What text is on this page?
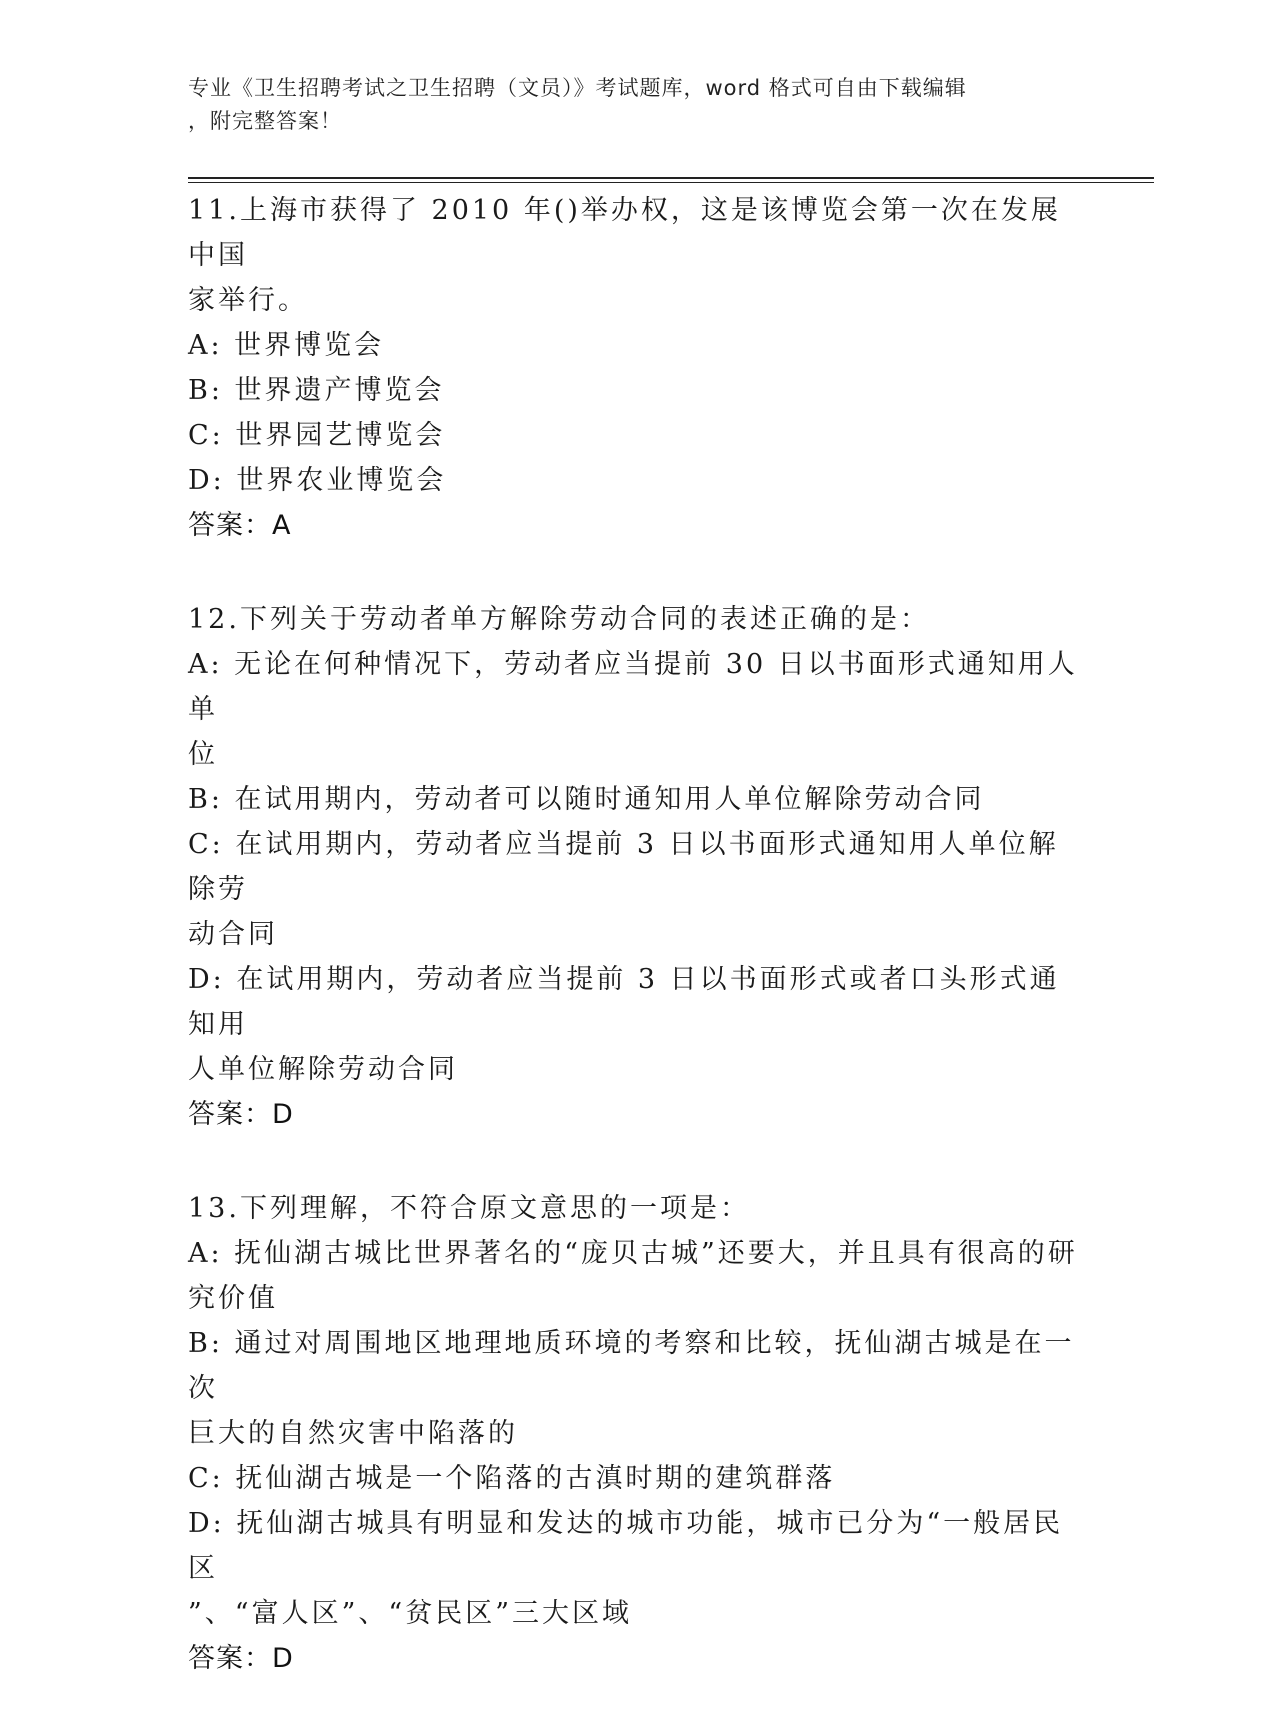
专业《卫生招聘考试之卫生招聘（文员）》考试题库，word 格式可自由下载编辑
，附完整答案！
11.上海市获得了 2010 年()举办权，这是该博览会第一次在发展中国
家举行。
A: 世界博览会
B: 世界遗产博览会
C: 世界园艺博览会
D: 世界农业博览会
答案：A
12.下列关于劳动者单方解除劳动合同的表述正确的是：
A: 无论在何种情况下，劳动者应当提前 30 日以书面形式通知用人单
位
B: 在试用期内，劳动者可以随时通知用人单位解除劳动合同
C: 在试用期内，劳动者应当提前 3 日以书面形式通知用人单位解除劳
动合同
D: 在试用期内，劳动者应当提前 3 日以书面形式或者口头形式通知用
人单位解除劳动合同
答案：D
13.下列理解，不符合原文意思的一项是：
A: 抚仙湖古城比世界著名的“庞贝古城”还要大，并且具有很高的研
究价值
B: 通过对周围地区地理地质环境的考察和比较，抚仙湖古城是在一次
巨大的自然灾害中陷落的
C: 抚仙湖古城是一个陷落的古滇时期的建筑群落
D: 抚仙湖古城具有明显和发达的城市功能，城市已分为“一般居民区
”、“富人区”、“贫民区”三大区域
答案：D
